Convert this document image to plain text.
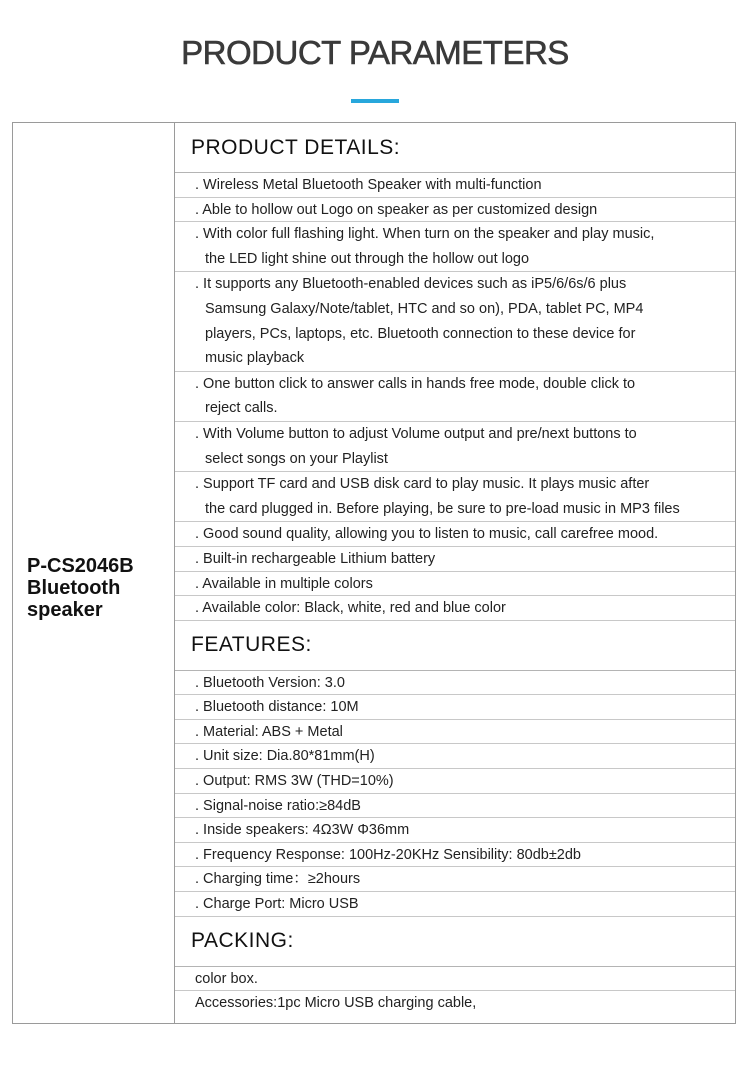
PRODUCT PARAMETERS
P-CS2046B
Bluetooth
speaker
PRODUCT DETAILS:
. Wireless Metal Bluetooth Speaker with multi-function
. Able to hollow out Logo on speaker as per customized design
. With color full flashing light. When turn on the speaker and play music,
the LED light shine out through the hollow out logo
. It supports any Bluetooth-enabled devices such as iP5/6/6s/6 plus
Samsung Galaxy/Note/tablet, HTC and so on), PDA, tablet PC, MP4
players, PCs, laptops, etc. Bluetooth connection to these device for
music playback
. One button click to answer calls in hands free mode, double click to
reject calls.
. With Volume button to adjust Volume output and pre/next buttons to
select songs on your Playlist
. Support TF card and USB disk card to play music. It plays music after
the card plugged in. Before playing, be sure to pre-load music in MP3 files
. Good sound quality, allowing you to listen to music, call carefree mood.
. Built-in rechargeable Lithium battery
. Available in multiple colors
. Available color: Black, white, red and blue color
FEATURES:
. Bluetooth Version: 3.0
. Bluetooth distance: 10M
. Material: ABS + Metal
. Unit size: Dia.80*81mm(H)
. Output: RMS 3W (THD=10%)
. Signal-noise ratio:≥84dB
. Inside speakers: 4Ω3W Φ36mm
. Frequency Response: 100Hz-20KHz Sensibility: 80db±2db
. Charging time：≥2hours
. Charge Port: Micro USB
PACKING:
color box.
Accessories:1pc Micro USB charging cable,
